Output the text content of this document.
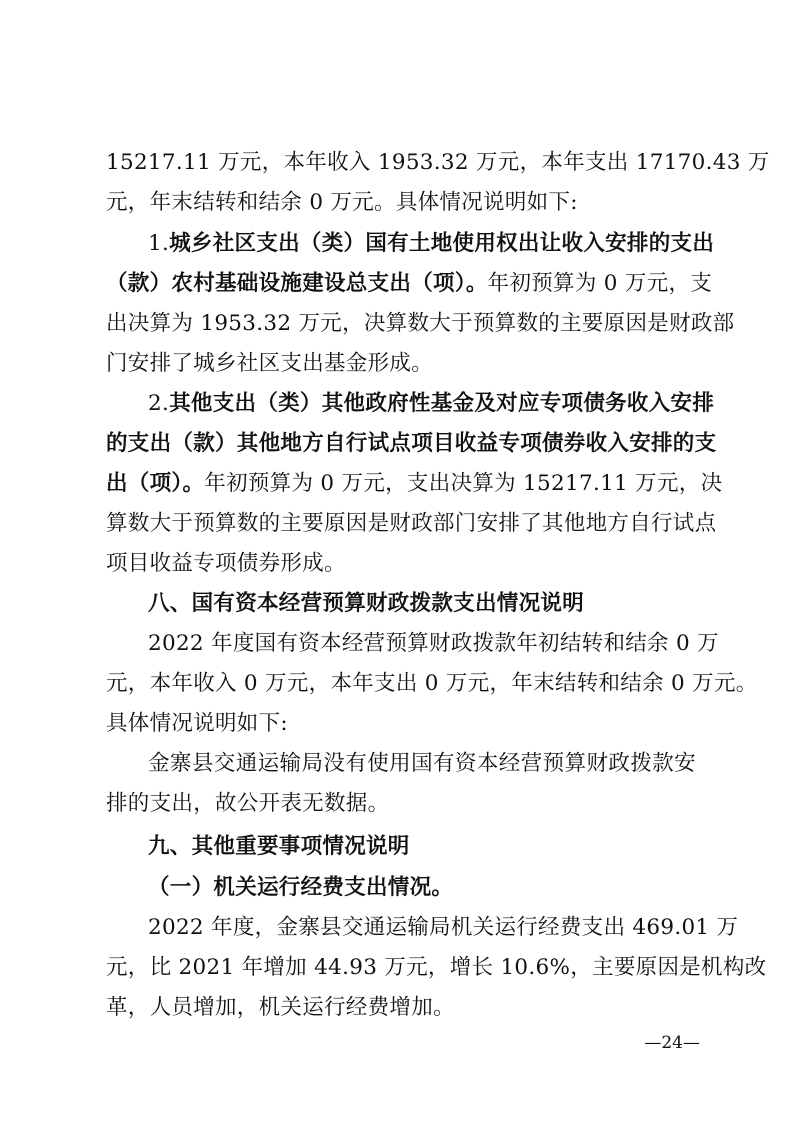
15217.11 万元，本年收入 1953.32 万元，本年支出 17170.43 万
元，年末结转和结余 0 万元。具体情况说明如下:
1.城乡社区支出（类）国有土地使用权出让收入安排的支出
（款）农村基础设施建设总支出（项）。年初预算为 0 万元，支
出决算为 1953.32 万元，决算数大于预算数的主要原因是财政部
门安排了城乡社区支出基金形成。
2.其他支出（类）其他政府性基金及对应专项债务收入安排
的支出（款）其他地方自行试点项目收益专项债券收入安排的支
出（项）。年初预算为 0 万元，支出决算为 15217.11 万元，决
算数大于预算数的主要原因是财政部门安排了其他地方自行试点
项目收益专项债券形成。
八、国有资本经营预算财政拨款支出情况说明
2022 年度国有资本经营预算财政拨款年初结转和结余 0 万
元，本年收入 0 万元，本年支出 0 万元，年末结转和结余 0 万元。
具体情况说明如下:
金寨县交通运输局没有使用国有资本经营预算财政拨款安
排的支出，故公开表无数据。
九、其他重要事项情况说明
（一）机关运行经费支出情况。
2022 年度，金寨县交通运输局机关运行经费支出 469.01 万
元，比 2021 年增加 44.93 万元，增长 10.6%，主要原因是机构改
革，人员增加，机关运行经费增加。
—24—
